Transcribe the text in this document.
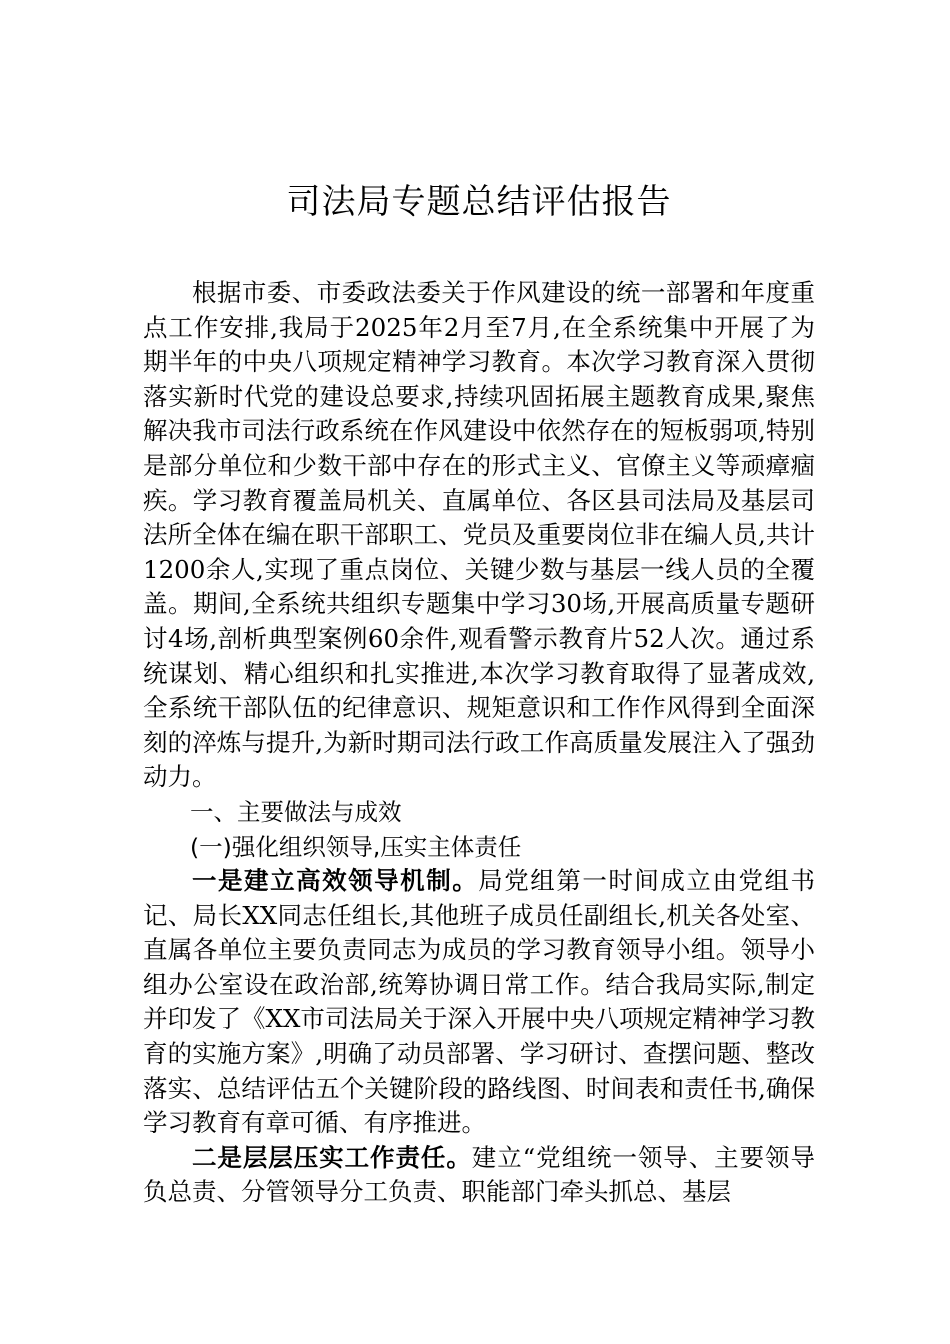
司法局专题总结评估报告

根据市委、市委政法委关于作风建设的统一部署和年度重点工作安排,我局于2025年2月至7月,在全系统集中开展了为期半年的中央八项规定精神学习教育。本次学习教育深入贯彻落实新时代党的建设总要求,持续巩固拓展主题教育成果,聚焦解决我市司法行政系统在作风建设中依然存在的短板弱项,特别是部分单位和少数干部中存在的形式主义、官僚主义等顽瘴痼疾。学习教育覆盖局机关、直属单位、各区县司法局及基层司法所全体在编在职干部职工、党员及重要岗位非在编人员,共计1200余人,实现了重点岗位、关键少数与基层一线人员的全覆盖。期间,全系统共组织专题集中学习30场,开展高质量专题研讨4场,剖析典型案例60余件,观看警示教育片52人次。通过系统谋划、精心组织和扎实推进,本次学习教育取得了显著成效,全系统干部队伍的纪律意识、规矩意识和工作作风得到全面深刻的淬炼与提升,为新时期司法行政工作高质量发展注入了强劲动力。

一、主要做法与成效

(一)强化组织领导,压实主体责任

一是建立高效领导机制。局党组第一时间成立由党组书记、局长XX同志任组长,其他班子成员任副组长,机关各处室、直属各单位主要负责同志为成员的学习教育领导小组。领导小组办公室设在政治部,统筹协调日常工作。结合我局实际,制定并印发了《XX市司法局关于深入开展中央八项规定精神学习教育的实施方案》,明确了动员部署、学习研讨、查摆问题、整改落实、总结评估五个关键阶段的路线图、时间表和责任书,确保学习教育有章可循、有序推进。

二是层层压实工作责任。建立“党组统一领导、主要领导负总责、分管领导分工负责、职能部门牵头抓总、基层
